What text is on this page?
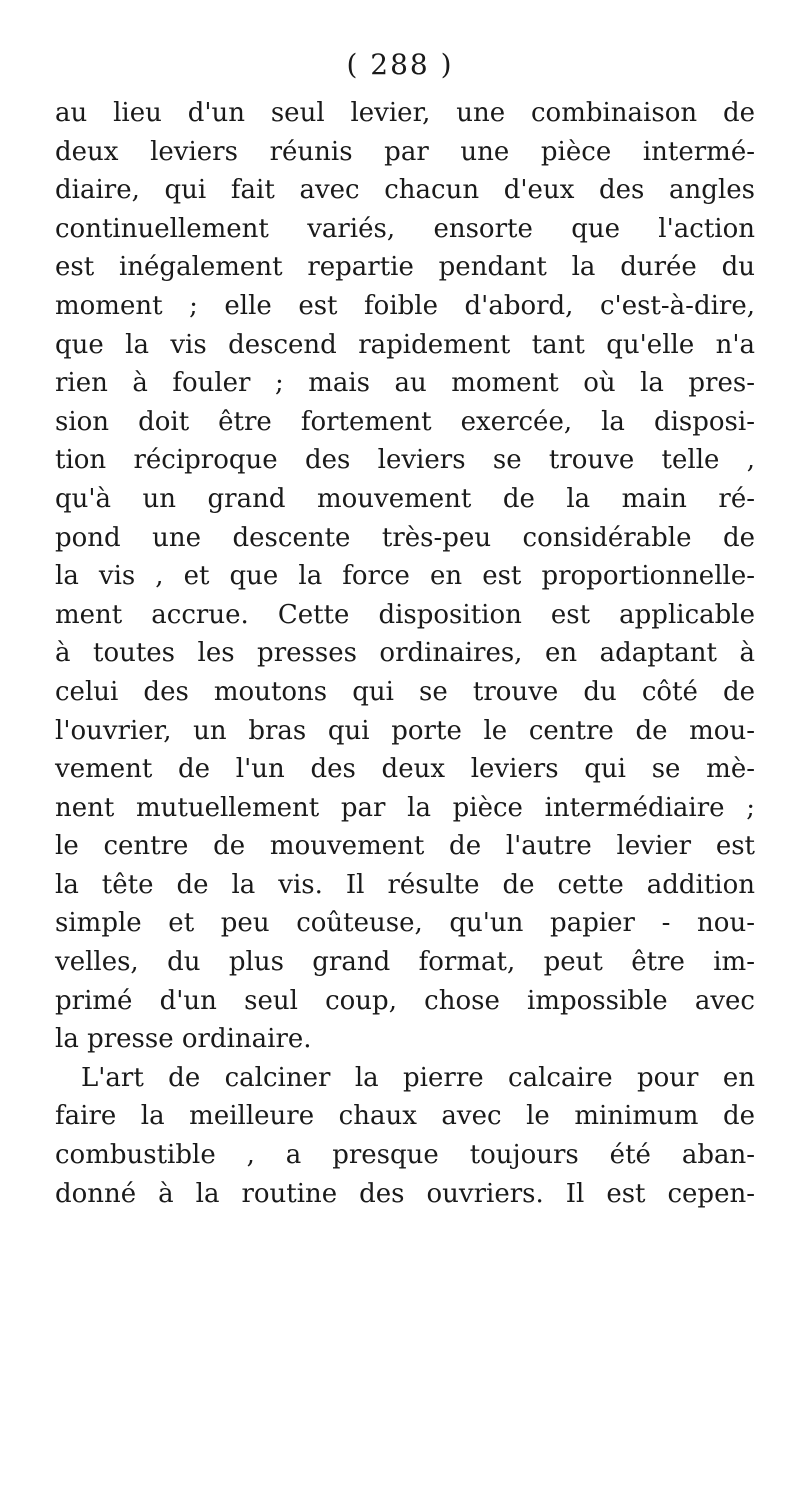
( 288 )
au lieu d'un seul levier, une combinaison de
deux leviers réunis par une pièce intermé-
diaire, qui fait avec chacun d'eux des angles
continuellement variés, ensorte que l'action
est inégalement repartie pendant la durée du
moment ; elle est foible d'abord, c'est-à-dire,
que la vis descend rapidement tant qu'elle n'a
rien à fouler ; mais au moment où la pres-
sion doit être fortement exercée, la disposi-
tion réciproque des leviers se trouve telle ,
qu'à un grand mouvement de la main ré-
pond une descente très-peu considérable de
la vis , et que la force en est proportionnelle-
ment accrue. Cette disposition est applicable
à toutes les presses ordinaires, en adaptant à
celui des moutons qui se trouve du côté de
l'ouvrier, un bras qui porte le centre de mou-
vement de l'un des deux leviers qui se mè-
nent mutuellement par la pièce intermédiaire ;
le centre de mouvement de l'autre levier est
la tête de la vis. Il résulte de cette addition
simple et peu coûteuse, qu'un papier - nou-
velles, du plus grand format, peut être im-
primé d'un seul coup, chose impossible avec
la presse ordinaire.
L'art de calciner la pierre calcaire pour en
faire la meilleure chaux avec le minimum de
combustible , a presque toujours été aban-
donné à la routine des ouvriers. Il est cepen-
